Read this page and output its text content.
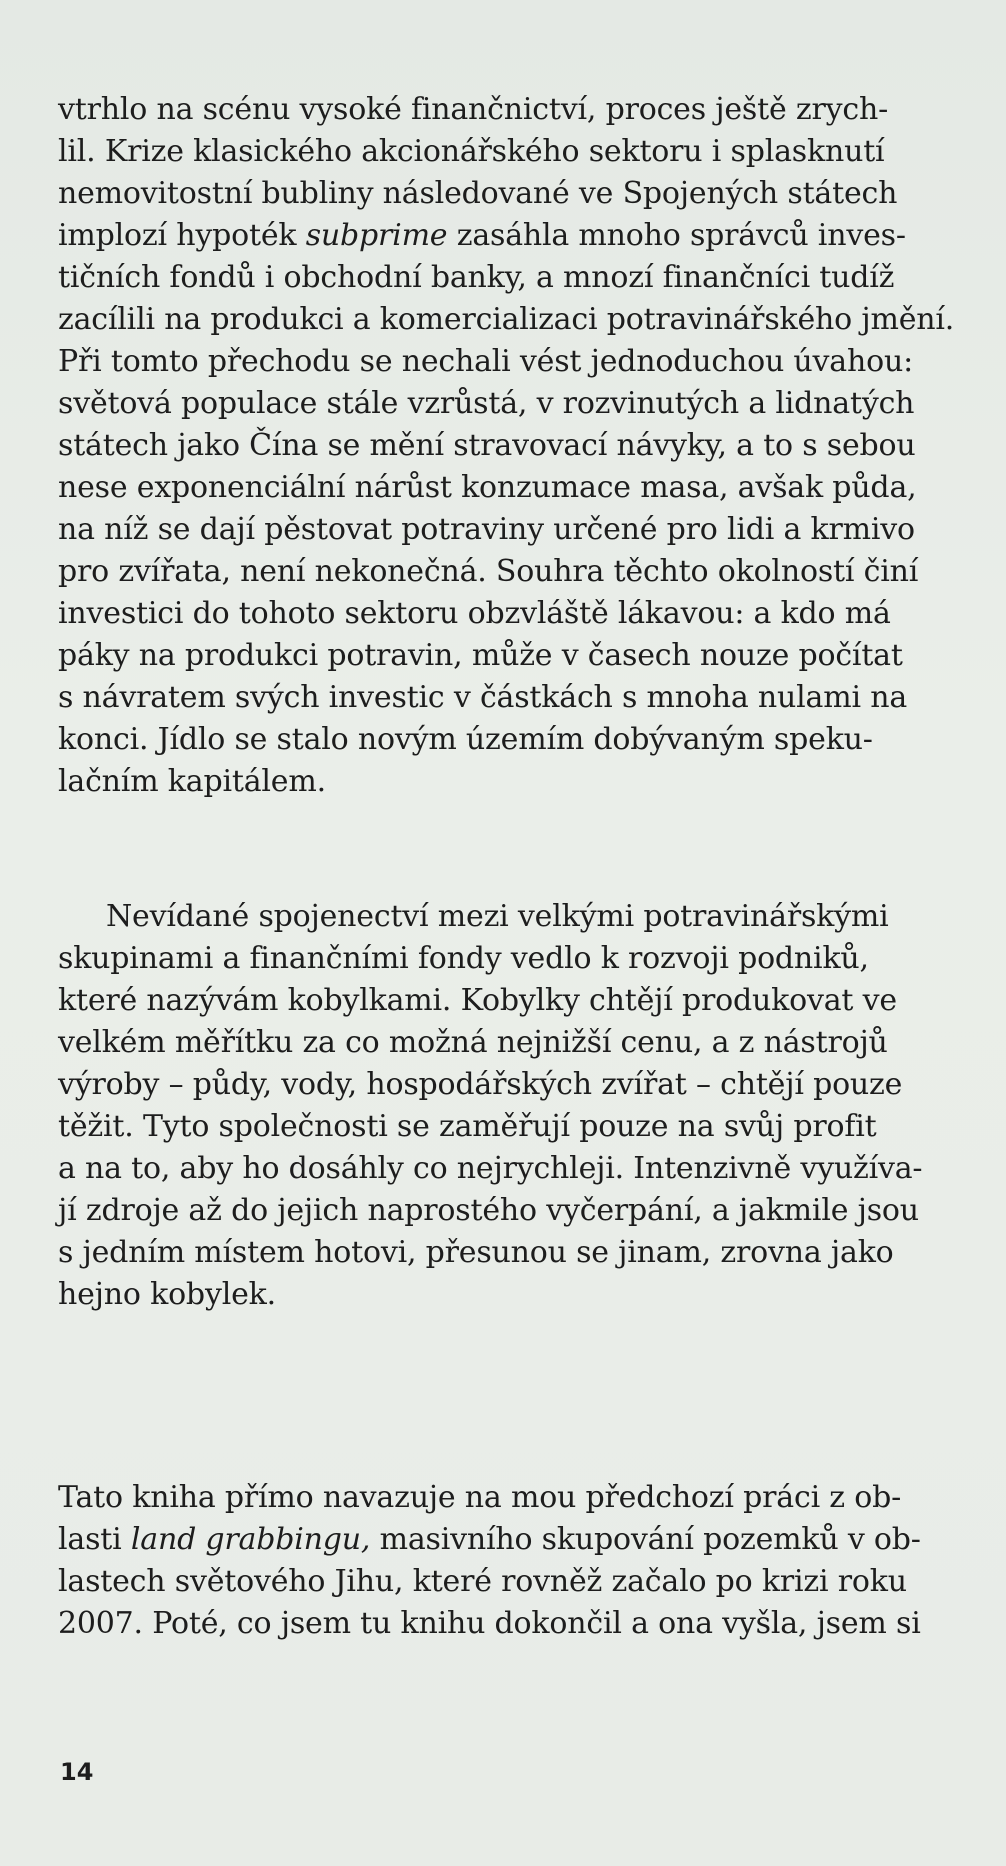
vtrhlo na scénu vysoké finančnictví, proces ještě zrych-
lil. Krize klasického akcionářského sektoru i splasknutí
nemovitostní bubliny následované ve Spojených státech
implozí hypoték subprime zasáhla mnoho správců inves-
tičních fondů i obchodní banky, a mnozí finančníci tudíž
zacílili na produkci a komercializaci potravinářského jmění.
Při tomto přechodu se nechali vést jednoduchou úvahou:
světová populace stále vzrůstá, v rozvinutých a lidnatých
státech jako Čína se mění stravovací návyky, a to s sebou
nese exponenciální nárůst konzumace masa, avšak půda,
na níž se dají pěstovat potraviny určené pro lidi a krmivo
pro zvířata, není nekonečná. Souhra těchto okolností činí
investici do tohoto sektoru obzvláště lákavou: a kdo má
páky na produkci potravin, může v časech nouze počítat
s návratem svých investic v částkách s mnoha nulami na
konci. Jídlo se stalo novým územím dobývaným speku-
lačním kapitálem.
Nevídané spojenectví mezi velkými potravinářskými
skupinami a finančními fondy vedlo k rozvoji podniků,
které nazývám kobylkami. Kobylky chtějí produkovat ve
velkém měřítku za co možná nejnižší cenu, a z nástrojů
výroby – půdy, vody, hospodářských zvířat – chtějí pouze
těžit. Tyto společnosti se zaměřují pouze na svůj profit
a na to, aby ho dosáhly co nejrychleji. Intenzivně využíva-
jí zdroje až do jejich naprostého vyčerpání, a jakmile jsou
s jedním místem hotovi, přesunou se jinam, zrovna jako
hejno kobylek.
Tato kniha přímo navazuje na mou předchozí práci z ob-
lasti land grabbingu, masivního skupování pozemků v ob-
lastech světového Jihu, které rovněž začalo po krizi roku
2007. Poté, co jsem tu knihu dokončil a ona vyšla, jsem si
14
